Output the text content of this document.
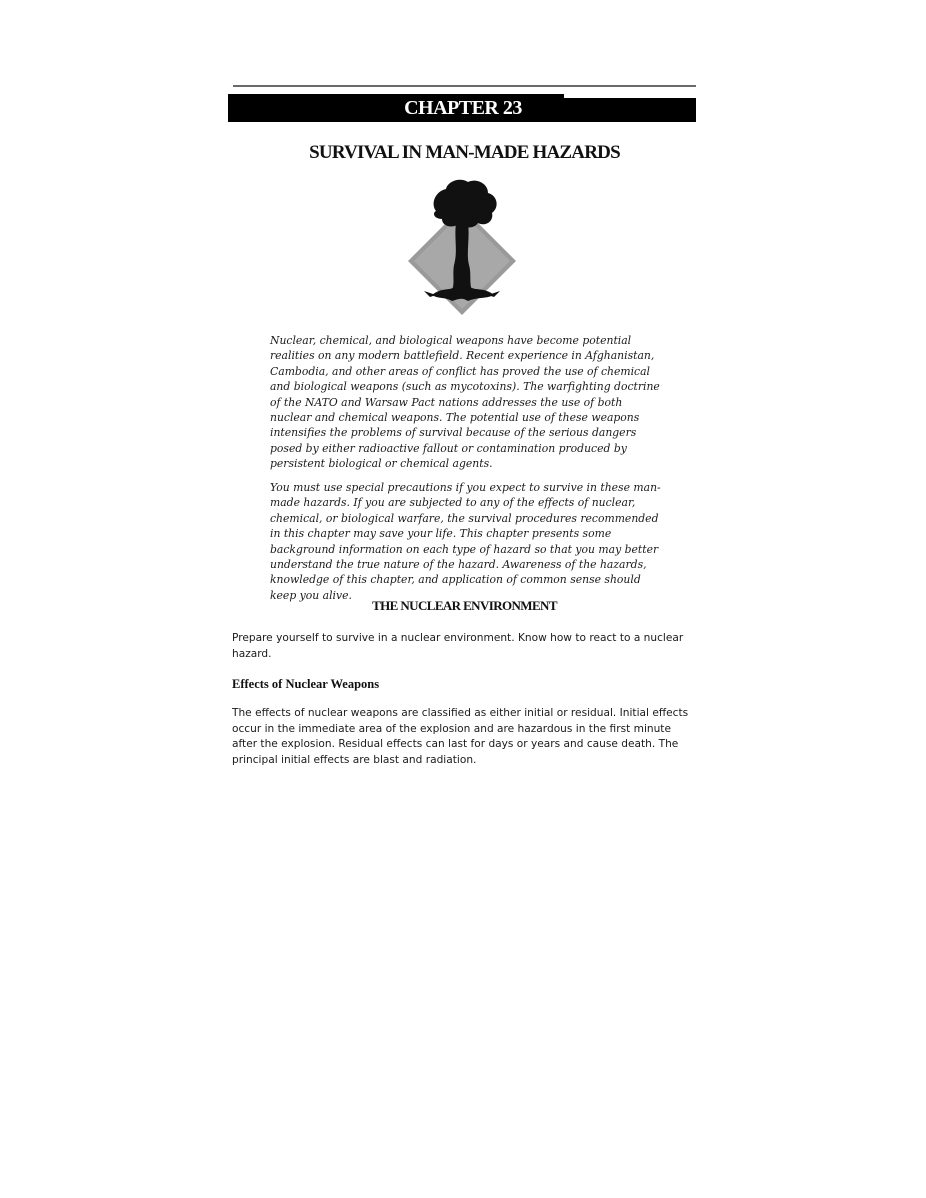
CHAPTER 23
SURVIVAL IN MAN-MADE HAZARDS

Nuclear, chemical, and biological weapons have become potential realities on any modern battlefield. Recent experience in Afghanistan, Cambodia, and other areas of conflict has proved the use of chemical and biological weapons (such as mycotoxins). The warfighting doctrine of the NATO and Warsaw Pact nations addresses the use of both nuclear and chemical weapons. The potential use of these weapons intensifies the problems of survival because of the serious dangers posed by either radioactive fallout or contamination produced by persistent biological or chemical agents.

You must use special precautions if you expect to survive in these man-made hazards. If you are subjected to any of the effects of nuclear, chemical, or biological warfare, the survival procedures recommended in this chapter may save your life. This chapter presents some background information on each type of hazard so that you may better understand the true nature of the hazard. Awareness of the hazards, knowledge of this chapter, and application of common sense should keep you alive.

THE NUCLEAR ENVIRONMENT

Prepare yourself to survive in a nuclear environment. Know how to react to a nuclear hazard.

Effects of Nuclear Weapons

The effects of nuclear weapons are classified as either initial or residual. Initial effects occur in the immediate area of the explosion and are hazardous in the first minute after the explosion. Residual effects can last for days or years and cause death. The principal initial effects are blast and radiation.
